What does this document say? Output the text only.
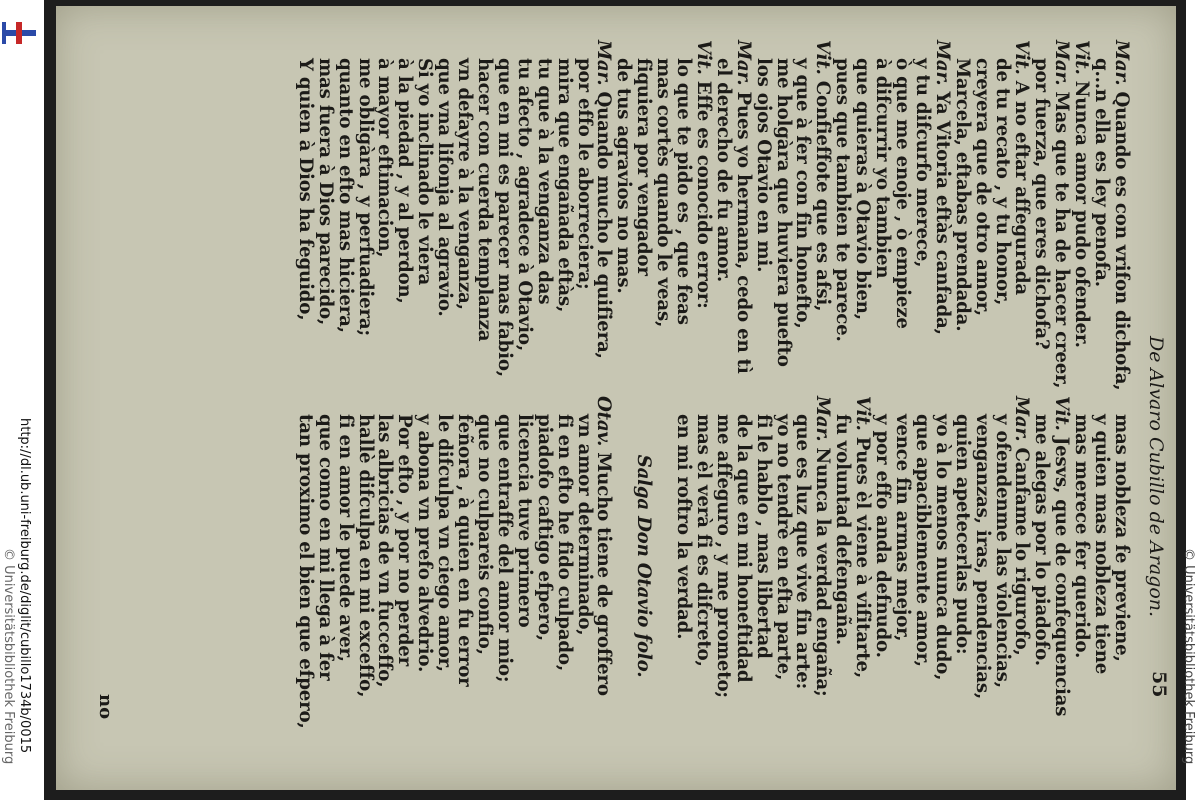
http://dl.ub.uni-freiburg.de/diglit/cubillo1734b/0015
© Universitätsbibliothek Freiburg
De Alvaro Cubillo de Aragon.
55
Mar. Quando es con vrifon dichofa,
q...n ella es ley penofa.
Vit. Nunca amor pudo ofender.
Mar. Mas que te ha de hacer creer,
por fuerza, que eres dichofa?
Vit. A no eftar affegurada
de tu recato , y tu honor,
creyera que de otro amor,
Marcela, eftabas prendada.
Mar. Ya Vitoria eftàs canfada,
y tu difcurfo merece,
ò que me enoje , ò empieze
à difcurrir yo tambien
que quieras à Otavio bien,
pues que tambien te parece.
Vit. Confieffote que es afsi,
y que à fer con fin honefto,
me holgàra que huviera puefto
los ojos Otavio en mi.
Mar. Pues yo hermana, cedo en tì
el derecho de fu amor.
Vit. Effe es conocido error:
lo que te pido es , que feas
mas cortès quando le veas,
fiquiera por vengador
de tus agravios no mas.
Mar. Quando mucho le quifiera,
por effo le aborreciera;
mira que engañada eftàs,
tu que à la venganza das
tu afecto , agradece à Otavio,
que en mi es parecer mas fabio,
hacer con cuerda templanza
vn defayre à la venganza,
que vna lifonja al agravio.
Si yo inclinado le viera
à la piedad , y al perdon,
à mayor eftimacion,
me obligàra , y perfuadiera;
quanto en efto mas hiciera,
mas fuera à Dios parecido,
Y quien à Dios ha feguido,
mas nobleza fe previene,
y quien mas nobleza tiene
mas merece fer querido.
Vit. Jesvs, que de confequencias
me alegas por lo piadofo.
Mar. Canfame lo rigurofo,
y ofendenme las violencias,
venganzas, iras, pendencias,
quien apetecerlas pudo:
yo à lo menos nunca dudo,
que apaciblemente amor,
vence fin armas mejor,
y por effo anda defnudo.
Vit. Pues èl viene à vifitarte,
fu voluntad defengaña.
Mar. Nunca la verdad engaña;
que es luz que vive fin arte:
yo no tendrè en efta parte,
fi le hablo , mas libertad
de la que en mi honeftidad
me affeguro , y me prometo;
mas èl verà fi es difcreto,
en mi roftro la verdad.

Salga Don Otavio folo.

Otav. Mucho tiene de groffero
vn amor determinado,
fi en efto he fido culpado,
piadofo caftigo efpero,
licencia tuve primero
que entraffe del amor mio;
que no culpareis confio,
feñora , à quien en fu error
le difculpa vn ciego amor,
y abona vn prefo alvedrio.
Por efto , y por no perder
las albricias de vn fucceffo,
hallè difculpa en mi exceffo,
fi en amor le puede aver,
que como en mi llega à fer
tan proximo el bien que efpero,
no	© Universitätsbibliothek Freiburg
